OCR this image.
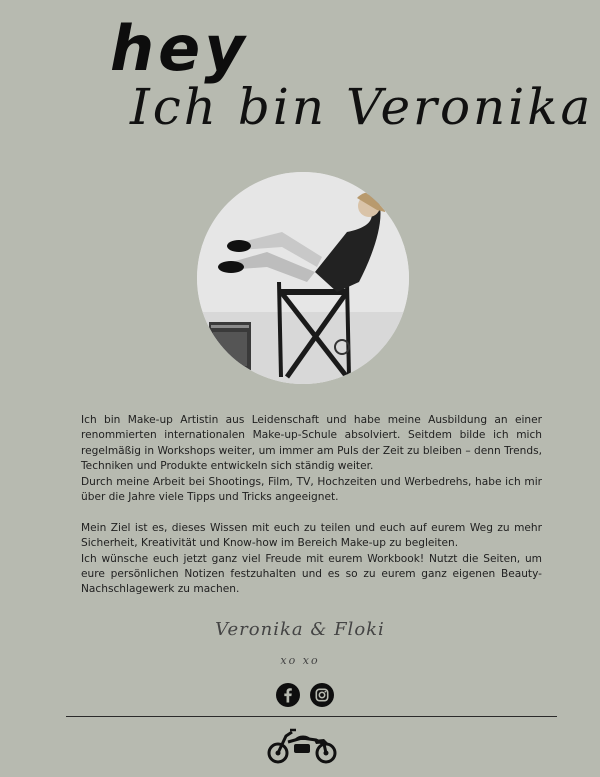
hey
Ich bin Veronika

Ich bin Make-up Artistin aus Leidenschaft und habe meine Ausbildung an einer renommierten internationalen Make-up-Schule absolviert. Seitdem bilde ich mich regelmäßig in Workshops weiter, um immer am Puls der Zeit zu bleiben – denn Trends, Techniken und Produkte entwickeln sich ständig weiter.

Durch meine Arbeit bei Shootings, Film, TV, Hochzeiten und Werbedrehs, habe ich mir über die Jahre viele Tipps und Tricks angeeignet.

Mein Ziel ist es, dieses Wissen mit euch zu teilen und euch auf eurem Weg zu mehr Sicherheit, Kreativität und Know-how im Bereich Make-up zu begleiten.

Ich wünsche euch jetzt ganz viel Freude mit eurem Workbook! Nutzt die Seiten, um eure persönlichen Notizen festzuhalten und es so zu eurem ganz eigenen Beauty-Nachschlagewerk zu machen.

Veronika & Floki
xo xo
